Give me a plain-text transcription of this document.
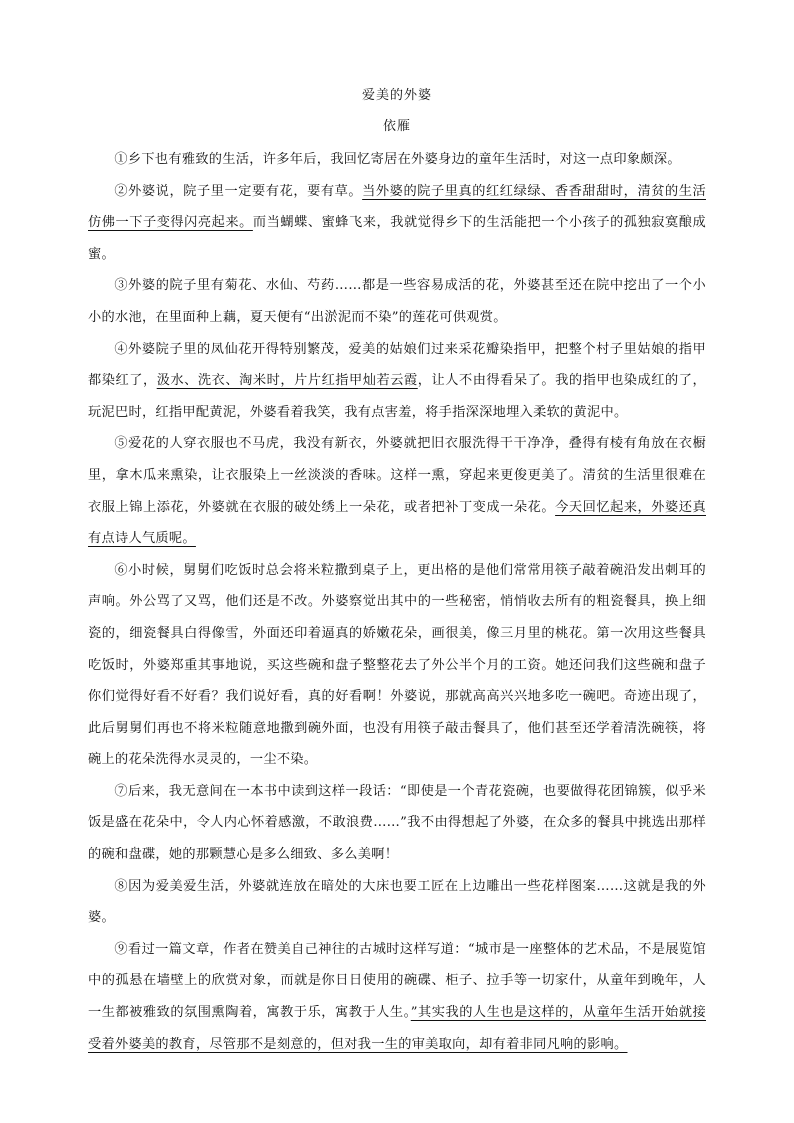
爱美的外婆
依雁

①乡下也有雅致的生活，许多年后，我回忆寄居在外婆身边的童年生活时，对这一点印象颇深。

②外婆说，院子里一定要有花，要有草。当外婆的院子里真的红红绿绿、香香甜甜时，清贫的生活仿佛一下子变得闪亮起来。而当蝴蝶、蜜蜂飞来，我就觉得乡下的生活能把一个小孩子的孤独寂寞酿成蜜。

③外婆的院子里有菊花、水仙、芍药……都是一些容易成活的花，外婆甚至还在院中挖出了一个小小的水池，在里面种上藕，夏天便有“出淤泥而不染”的莲花可供观赏。

④外婆院子里的凤仙花开得特别繁茂，爱美的姑娘们过来采花瓣染指甲，把整个村子里姑娘的指甲都染红了，汲水、洗衣、淘米时，片片红指甲灿若云霞，让人不由得看呆了。我的指甲也染成红的了，玩泥巴时，红指甲配黄泥，外婆看着我笑，我有点害羞，将手指深深地埋入柔软的黄泥中。

⑤爱花的人穿衣服也不马虎，我没有新衣，外婆就把旧衣服洗得干干净净，叠得有棱有角放在衣橱里，拿木瓜来熏染，让衣服染上一丝淡淡的香味。这样一熏，穿起来更俊更美了。清贫的生活里很难在衣服上锦上添花，外婆就在衣服的破处绣上一朵花，或者把补丁变成一朵花。今天回忆起来，外婆还真有点诗人气质呢。

⑥小时候，舅舅们吃饭时总会将米粒撒到桌子上，更出格的是他们常常用筷子敲着碗沿发出刺耳的声响。外公骂了又骂，他们还是不改。外婆察觉出其中的一些秘密，悄悄收去所有的粗瓷餐具，换上细瓷的，细瓷餐具白得像雪，外面还印着逼真的娇嫩花朵，画很美，像三月里的桃花。第一次用这些餐具吃饭时，外婆郑重其事地说，买这些碗和盘子整整花去了外公半个月的工资。她还问我们这些碗和盘子你们觉得好看不好看？我们说好看，真的好看啊！外婆说，那就高高兴兴地多吃一碗吧。奇迹出现了，此后舅舅们再也不将米粒随意地撒到碗外面，也没有用筷子敲击餐具了，他们甚至还学着清洗碗筷，将碗上的花朵洗得水灵灵的，一尘不染。

⑦后来，我无意间在一本书中读到这样一段话：“即使是一个青花瓷碗，也要做得花团锦簇，似乎米饭是盛在花朵中，令人内心怀着感激，不敢浪费……”我不由得想起了外婆，在众多的餐具中挑选出那样的碗和盘碟，她的那颗慧心是多么细致、多么美啊！

⑧因为爱美爱生活，外婆就连放在暗处的大床也要工匠在上边雕出一些花样图案……这就是我的外婆。

⑨看过一篇文章，作者在赞美自己神往的古城时这样写道：“城市是一座整体的艺术品，不是展览馆中的孤悬在墙壁上的欣赏对象，而就是你日日使用的碗碟、柜子、拉手等一切家什，从童年到晚年，人一生都被雅致的氛围熏陶着，寓教于乐，寓教于人生。”其实我的人生也是这样的，从童年生活开始就接受着外婆美的教育，尽管那不是刻意的，但对我一生的审美取向，却有着非同凡响的影响。
